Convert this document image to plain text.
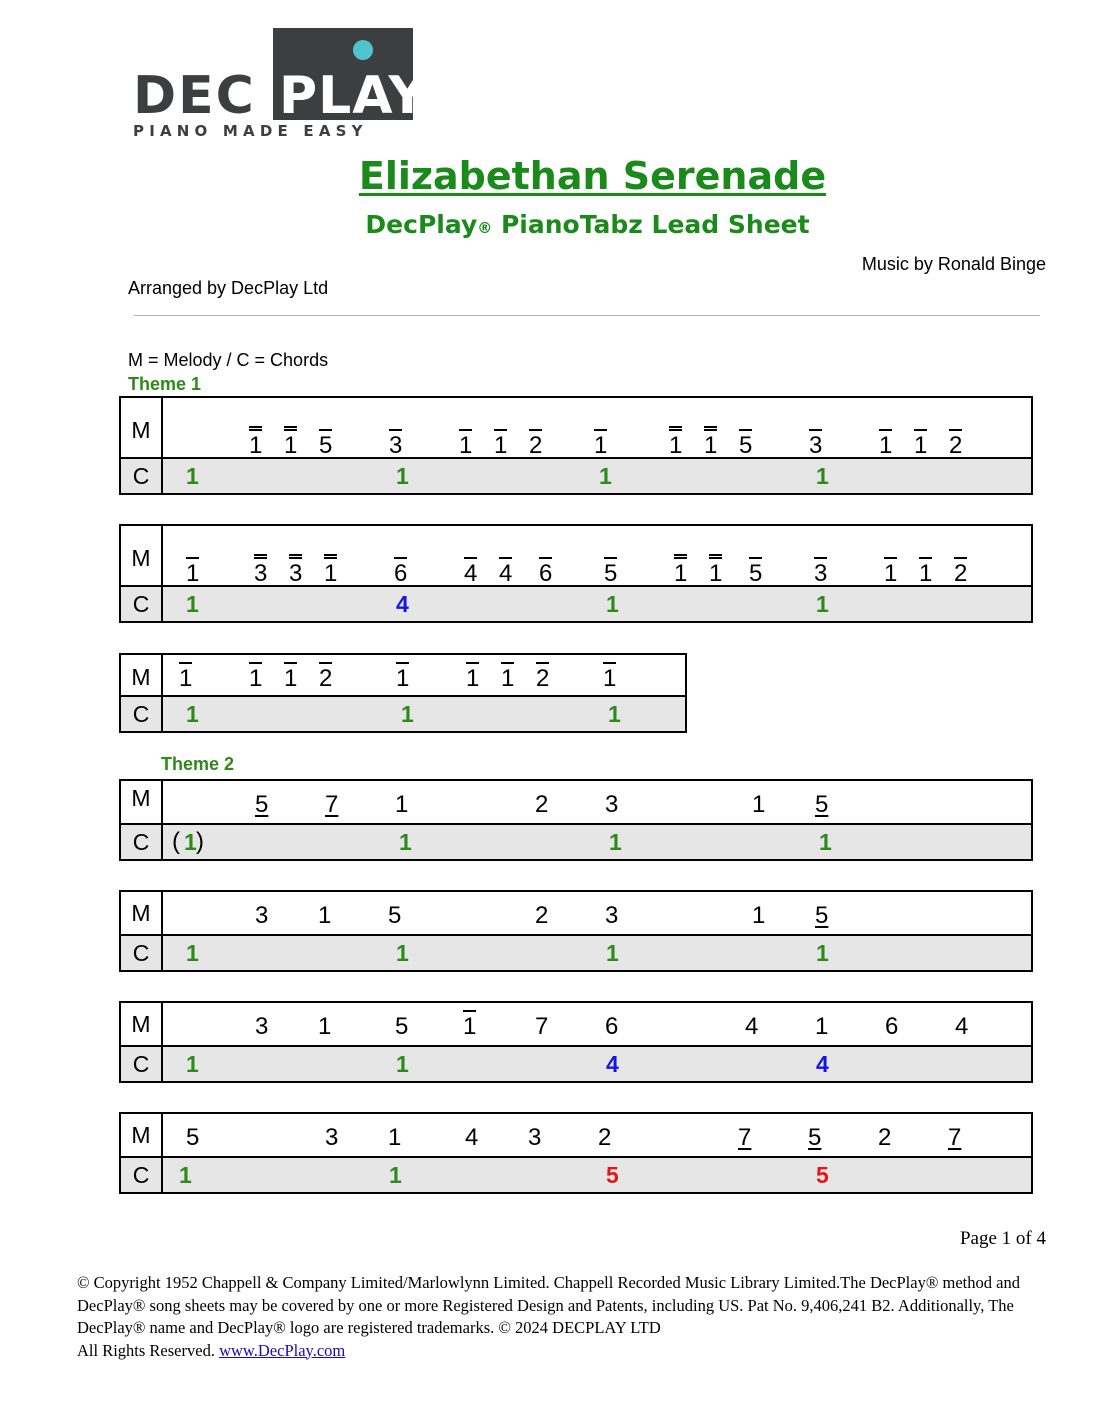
DEC PLAY
PIANO MADE EASY
Elizabethan Serenade
DecPlay® PianoTabz Lead Sheet
Music by Ronald Binge
Arranged by DecPlay Ltd
M = Melody / C = Chords
Theme 1
M
1 1 5 3 1 1 2 1	1 1 5 3 1 1 2
C	1	1	1	1
M
1 3 3 1 6 4 4 6 5 1 1 5 3 1 1 2
C	1	4	1	1
M	1 1 1 2	1 1 1 2 1
C	1	1	1
Theme 2
M	5 7 1	2 3	1 5
C ( 1 )	1	1	1
M	3 1 5	2 3	1 5
C	1	1	1	1
M	3 1	5 1 7 6	4 1 6 4
C	1	1	4	4
M	5	3 1	4 3 2	7 5 2 7
C	1	1	5	5
Page 1 of 4
© Copyright 1952 Chappell & Company Limited/Marlowlynn Limited. Chappell Recorded Music Library Limited.The DecPlay® method and DecPlay® song sheets may be covered by one or more Registered Design and Patents, including US. Pat No. 9,406,241 B2. Additionally, The DecPlay® name and DecPlay® logo are registered trademarks. © 2024 DECPLAY LTD
All Rights Reserved. www.DecPlay.com
